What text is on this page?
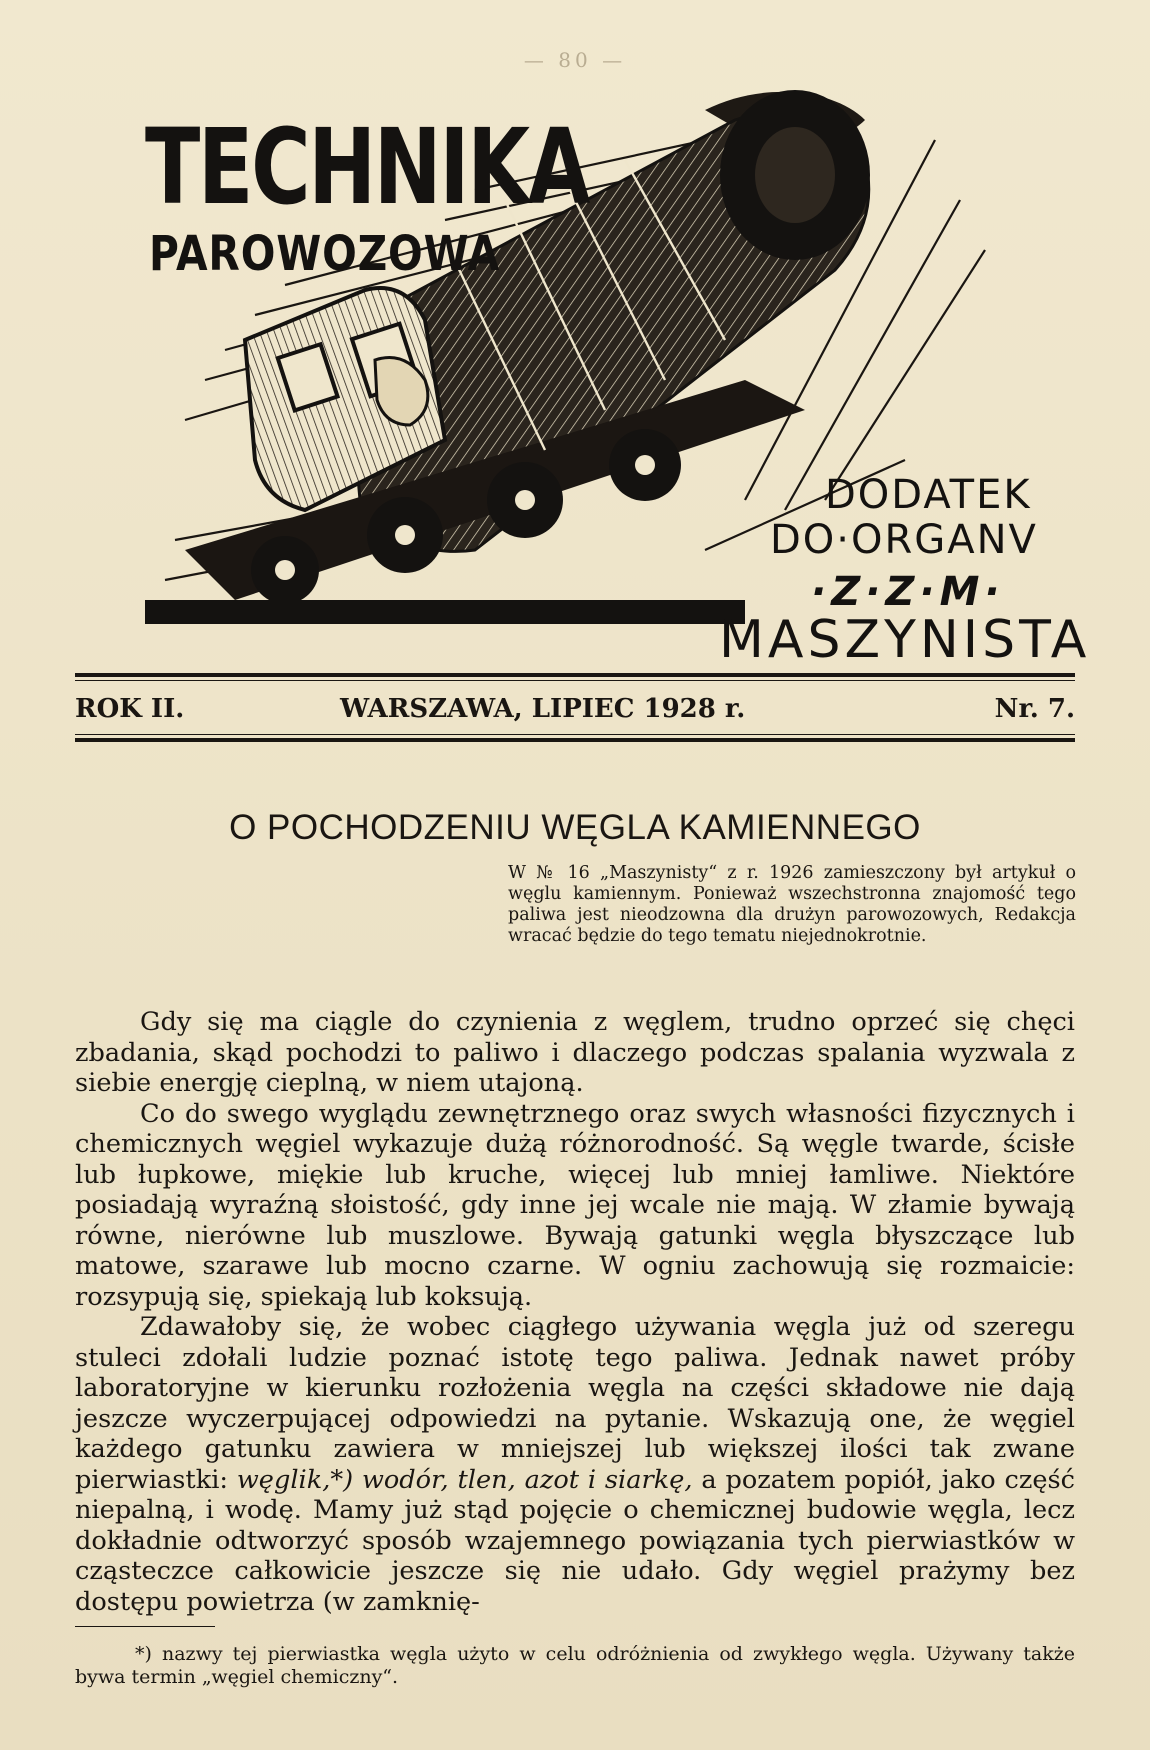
— 80 —
TECHNIKA
PAROWOZOWA
DODATEK
DO·ORGANV
·Z·Z·M·
MASZYNISTA
ROK II.	WARSZAWA, LIPIEC 1928 r.	Nr. 7.
O POCHODZENIU WĘGLA KAMIENNEGO
W № 16 „Maszynisty“ z r. 1926 zamieszczony był artykuł o węglu kamiennym. Ponieważ wszechstronna znajomość tego paliwa jest nieodzowna dla drużyn parowozowych, Redakcja wracać będzie do tego tematu niejednokrotnie.

Gdy się ma ciągle do czynienia z węglem, trudno oprzeć się chęci zbadania, skąd pochodzi to paliwo i dlaczego podczas spalania wyzwala z siebie energję cieplną, w niem utajoną.

Co do swego wyglądu zewnętrznego oraz swych własności fizycznych i chemicznych węgiel wykazuje dużą różnorodność. Są węgle twarde, ścisłe lub łupkowe, miękie lub kruche, więcej lub mniej łamliwe. Niektóre posiadają wyraźną słoistość, gdy inne jej wcale nie mają. W złamie bywają równe, nierówne lub muszlowe. Bywają gatunki węgla błyszczące lub matowe, szarawe lub mocno czarne. W ogniu zachowują się rozmaicie: rozsypują się, spiekają lub koksują.

Zdawałoby się, że wobec ciągłego używania węgla już od szeregu stuleci zdołali ludzie poznać istotę tego paliwa. Jednak nawet próby laboratoryjne w kierunku rozłożenia węgla na części składowe nie dają jeszcze wyczerpującej odpowiedzi na pytanie. Wskazują one, że węgiel każdego gatunku zawiera w mniejszej lub większej ilości tak zwane pierwiastki: węglik,*) wodór, tlen, azot i siarkę, a pozatem popiół, jako część niepalną, i wodę. Mamy już stąd pojęcie o chemicznej budowie węgla, lecz dokładnie odtworzyć sposób wzajemnego powiązania tych pierwiastków w cząsteczce całkowicie jeszcze się nie udało. Gdy węgiel prażymy bez dostępu powietrza (w zamknię-

*) nazwy tej pierwiastka węgla użyto w celu odróżnienia od zwykłego węgla. Używany także bywa termin „węgiel chemiczny“.
